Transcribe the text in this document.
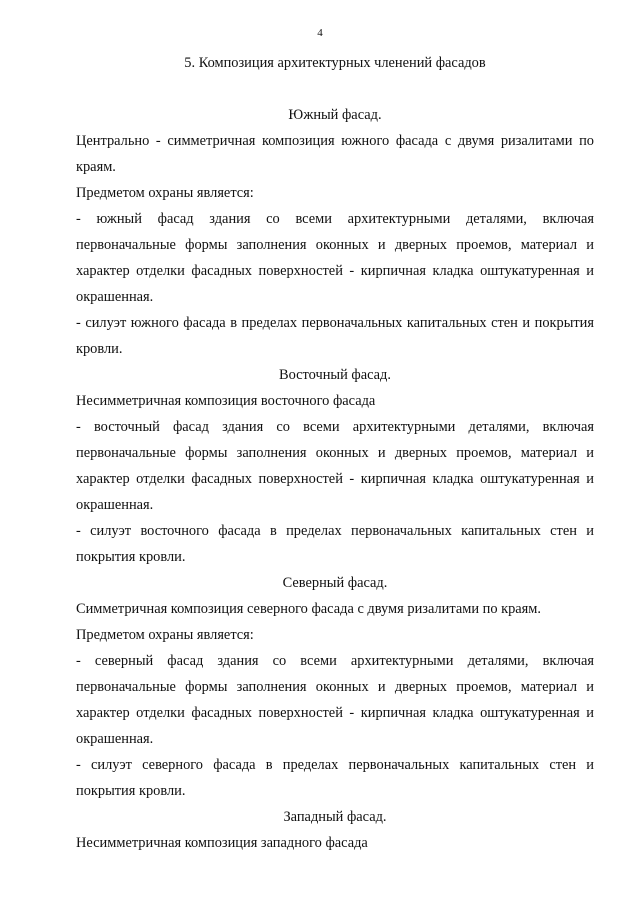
4
5. Композиция архитектурных членений фасадов
Южный фасад.
Центрально - симметричная композиция южного фасада с двумя ризалитами по краям.
Предметом охраны является:
- южный фасад здания со всеми архитектурными деталями, включая первоначальные формы заполнения оконных и дверных проемов, материал и характер отделки фасадных поверхностей - кирпичная кладка оштукатуренная и окрашенная.
- силуэт южного фасада в пределах первоначальных капитальных стен и покрытия кровли.
Восточный фасад.
Несимметричная композиция восточного фасада
- восточный фасад здания со всеми архитектурными деталями, включая первоначальные формы заполнения оконных и дверных проемов, материал и характер отделки фасадных поверхностей - кирпичная кладка оштукатуренная и окрашенная.
- силуэт восточного фасада в пределах первоначальных капитальных стен и покрытия кровли.
Северный фасад.
Симметричная композиция северного фасада с двумя ризалитами по краям.
Предметом охраны является:
- северный фасад здания со всеми архитектурными деталями, включая первоначальные формы заполнения оконных и дверных проемов, материал и характер отделки фасадных поверхностей - кирпичная кладка оштукатуренная и окрашенная.
- силуэт северного фасада в пределах первоначальных капитальных стен и покрытия кровли.
Западный фасад.
Несимметричная композиция западного фасада
